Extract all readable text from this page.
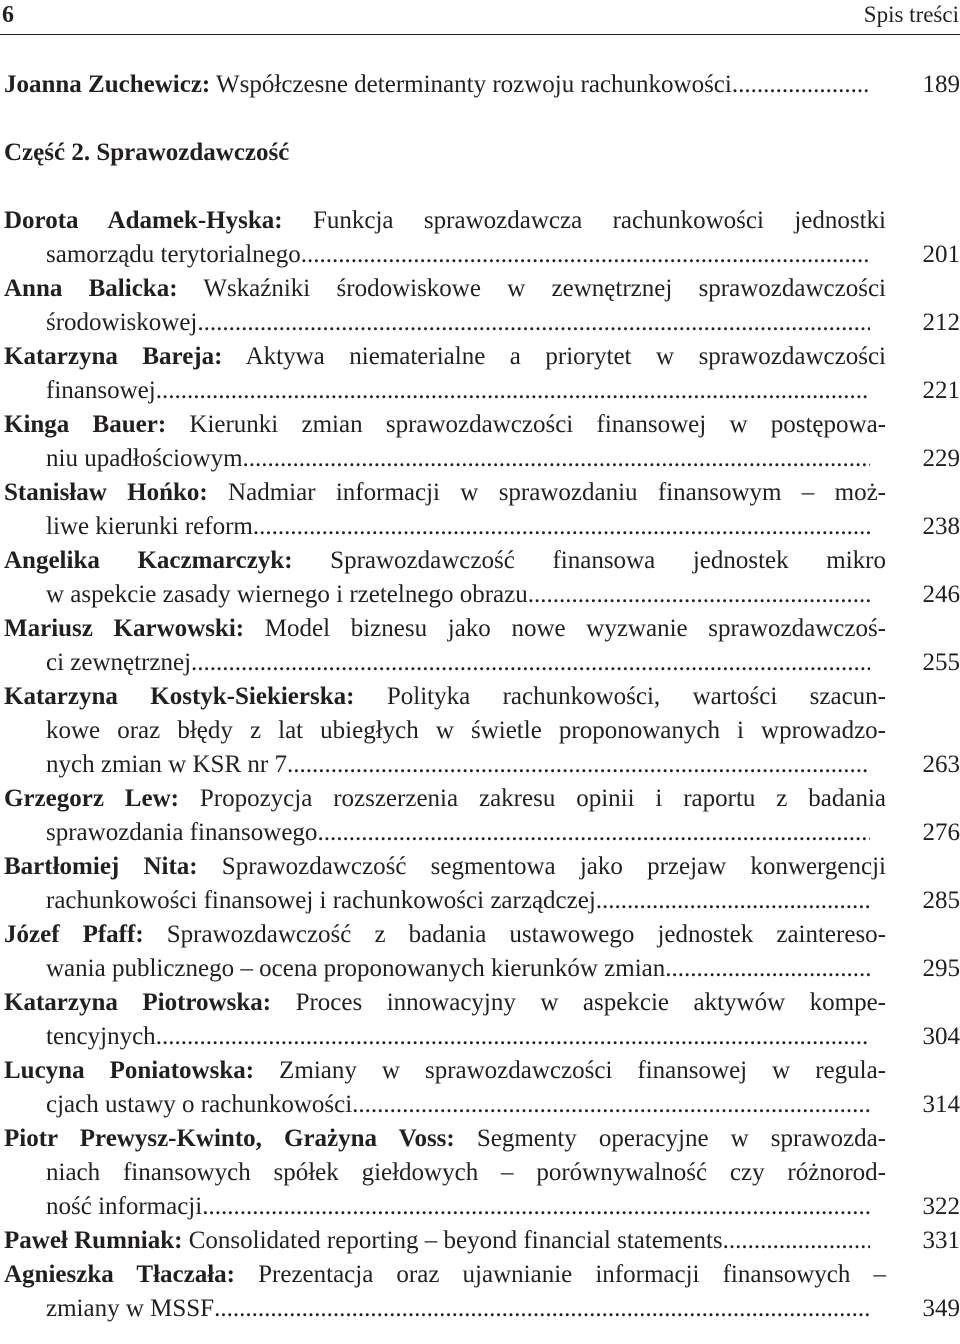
6	Spis treści
Joanna Zuchewicz: Współczesne determinanty rozwoju rachunkowości .....	189
Część 2. Sprawozdawczość
Dorota Adamek-Hyska: Funkcja sprawozdawcza rachunkowości jednostki
samorządu terytorialnego .....	201
Anna Balicka: Wskaźniki środowiskowe w zewnętrznej sprawozdawczości
środowiskowej .....	212
Katarzyna Bareja: Aktywa niematerialne a priorytet w sprawozdawczości
finansowej .....	221
Kinga Bauer: Kierunki zmian sprawozdawczości finansowej w postępowa-
niu upadłościowym .....	229
Stanisław Hońko: Nadmiar informacji w sprawozdaniu finansowym – moż-
liwe kierunki reform .....	238
Angelika Kaczmarczyk: Sprawozdawczość finansowa jednostek mikro
w aspekcie zasady wiernego i rzetelnego obrazu .....	246
Mariusz Karwowski: Model biznesu jako nowe wyzwanie sprawozdawczoś-
ci zewnętrznej .....	255
Katarzyna Kostyk-Siekierska: Polityka rachunkowości, wartości szacun-
kowe oraz błędy z lat ubiegłych w świetle proponowanych i wprowadzo-
nych zmian w KSR nr 7 .....	263
Grzegorz Lew: Propozycja rozszerzenia zakresu opinii i raportu z badania
sprawozdania finansowego .....	276
Bartłomiej Nita: Sprawozdawczość segmentowa jako przejaw konwergencji
rachunkowości finansowej i rachunkowości zarządczej .....	285
Józef Pfaff: Sprawozdawczość z badania ustawowego jednostek zaintereso-
wania publicznego – ocena proponowanych kierunków zmian .....	295
Katarzyna Piotrowska: Proces innowacyjny w aspekcie aktywów kompe-
tencyjnych .....	304
Lucyna Poniatowska: Zmiany w sprawozdawczości finansowej w regula-
cjach ustawy o rachunkowości .....	314
Piotr Prewysz-Kwinto, Grażyna Voss: Segmenty operacyjne w sprawozda-
niach finansowych spółek giełdowych – porównywalność czy różnorod-
ność informacji .....	322
Paweł Rumniak: Consolidated reporting – beyond financial statements .....	331
Agnieszka Tłaczała: Prezentacja oraz ujawnianie informacji finansowych –
zmiany w MSSF .....	349
